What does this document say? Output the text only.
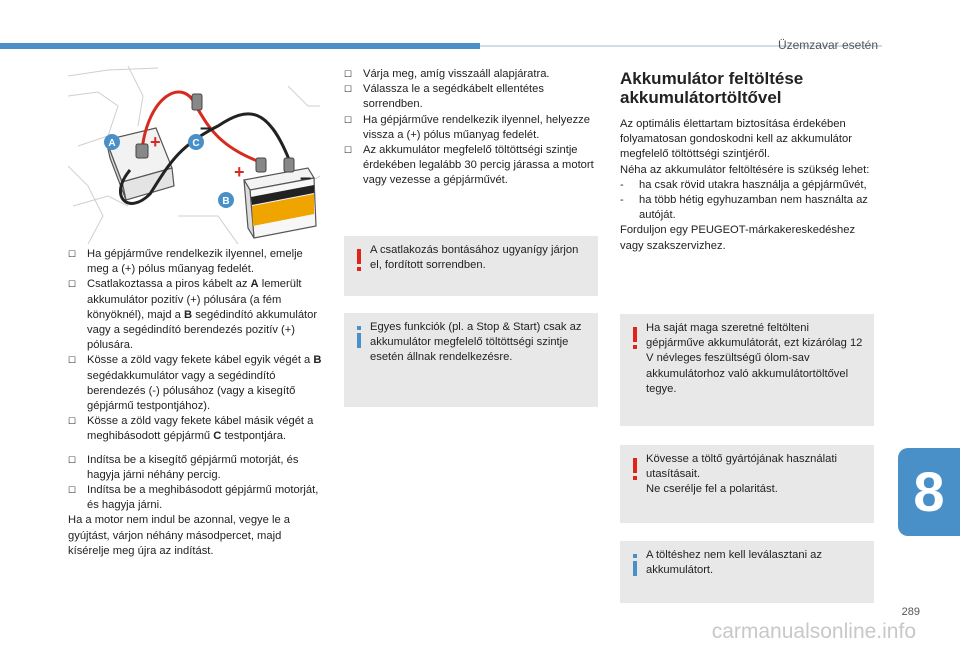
Üzemzavar esetén
8
289
carmanualsonline.info
+
–
+	–
A	C
B
☐ Ha gépjárműve rendelkezik ilyennel, emelje meg a (+) pólus műanyag fedelét.
☐ Csatlakoztassa a piros kábelt az A lemerült akkumulátor pozitív (+) pólusára (a fém könyöknél), majd a B segédindító akkumulátor vagy a segédindító berendezés pozitív (+) pólusára.
☐ Kösse a zöld vagy fekete kábel egyik végét a B segédakkumulátor vagy a segédindító berendezés (-) pólusához (vagy a kisegítő gépjármű testpontjához).
☐ Kösse a zöld vagy fekete kábel másik végét a meghibásodott gépjármű C testpontjára.
☐ Indítsa be a kisegítő gépjármű motorját, és hagyja járni néhány percig.
☐ Indítsa be a meghibásodott gépjármű motorját, és hagyja járni.

Ha a motor nem indul be azonnal, vegye le a gyújtást, várjon néhány másodpercet, majd kísérelje meg újra az indítást.

☐ Várja meg, amíg visszaáll alapjáratra.
☐ Válassza le a segédkábelt ellentétes sorrendben.
☐ Ha gépjárműve rendelkezik ilyennel, helyezze vissza a (+) pólus műanyag fedelét.
☐ Az akkumulátor megfelelő töltöttségi szintje érdekében legalább 30 percig járassa a motort vagy vezesse a gépjárművét.
A csatlakozás bontásához ugyanígy járjon el, fordított sorrendben.
Egyes funkciók (pl. a Stop & Start) csak az akkumulátor megfelelő töltöttségi szintje esetén állnak rendelkezésre.
Akkumulátor feltöltése akkumulátortöltővel

Az optimális élettartam biztosítása érdekében folyamatosan gondoskodni kell az akkumulátor megfelelő töltöttségi szintjéről.

Néha az akkumulátor feltöltésére is szükség lehet:

-	ha csak rövid utakra használja a gépjárművét,
-	ha több hétig egyhuzamban nem használta az autóját.

Forduljon egy PEUGEOT-márkakereskedéshez vagy szakszervizhez.

Ha saját maga szeretné feltölteni gépjárműve akkumulátorát, ezt kizárólag 12 V névleges feszültségű ólom-sav akkumulátorhoz való akkumulátortöltővel tegye.
Kövesse a töltő gyártójának használati utasításait.
Ne cserélje fel a polaritást.
A töltéshez nem kell leválasztani az akkumulátort.
